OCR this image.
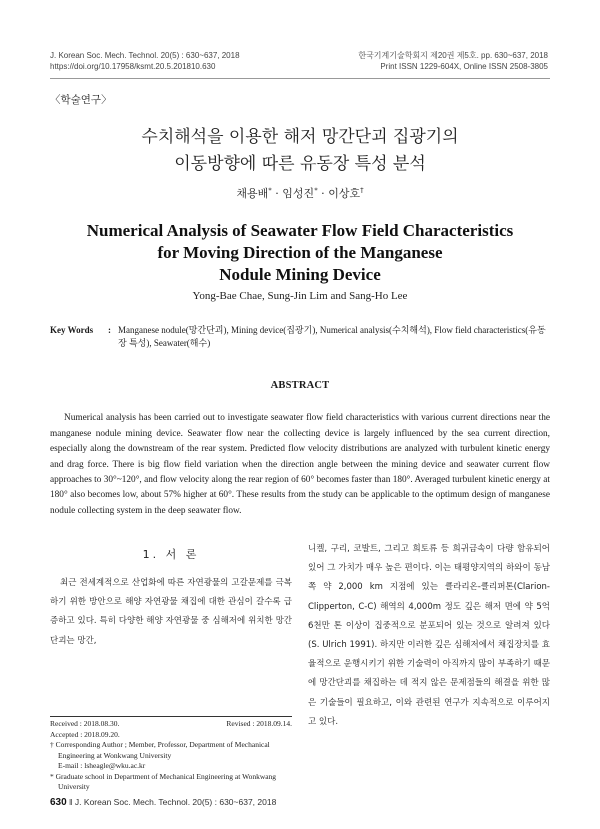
J. Korean Soc. Mech. Technol. 20(5) : 630~637, 2018
https://doi.org/10.17958/ksmt.20.5.201810.630
한국기계기술학회지 제20권 제5호. pp. 630~637, 2018
Print ISSN 1229-604X, Online ISSN 2508-3805
〈학술연구〉
수치해석을 이용한 해저 망간단괴 집광기의
이동방향에 따른 유동장 특성 분석
채용배* · 임성진* · 이상호†
Numerical Analysis of Seawater Flow Field Characteristics
for Moving Direction of the Manganese
Nodule Mining Device
Yong-Bae Chae, Sung-Jin Lim and Sang-Ho Lee
Key Words	: Manganese nodule(망간단괴), Mining device(집광기), Numerical analysis(수치해석), Flow field characteristics(유동장 특성), Seawater(해수)
ABSTRACT

Numerical analysis has been carried out to investigate seawater flow field characteristics with various current directions near the manganese nodule mining device. Seawater flow near the collecting device is largely influenced by the sea current direction, especially along the downstream of the rear system. Predicted flow velocity distributions are analyzed with turbulent kinetic energy and drag force. There is big flow field variation when the direction angle between the mining device and seawater current flow approaches to 30°~120°, and flow velocity along the rear region of 60° becomes faster than 180°. Averaged turbulent kinetic energy at 180° also becomes low, about 57% higher at 60°. These results from the study can be applicable to the optimum design of manganese nodule collecting system in the deep seawater flow.

1. 서 론

최근 전세계적으로 산업화에 따른 자연광물의 고갈문제를 극복하기 위한 방안으로 해양 자연광물 채집에 대한 관심이 갈수록 급증하고 있다. 특히 다양한 해양 자연광물 중 심해저에 위치한 망간단괴는 망간,

니켈, 구리, 코발트, 그리고 희토류 등 희귀금속이 다량 함유되어 있어 그 가치가 매우 높은 편이다. 이는 태평양지역의 하와이 동남쪽 약 2,000 km 지점에 있는 클라리온-클리퍼톤(Clarion-Clipperton, C-C) 해역의 4,000m 정도 깊은 해저 면에 약 5억 6천만 톤 이상이 집중적으로 분포되어 있는 것으로 알려져 있다(S. Ulrich 1991). 하지만 이러한 깊은 심해저에서 채집장치를 효율적으로 운행시키기 위한 기술력이 아직까지 많이 부족하기 때문에 망간단괴를 채집하는 데 적지 않은 문제점들의 해결을 위한 많은 기술들이 필요하고, 이와 관련된 연구가 지속적으로 이루어지고 있다.

Received : 2018.08.30.	Revised : 2018.09.14.
Accepted : 2018.09.20.
† Corresponding Author ; Member, Professor, Department of Mechanical Engineering at Wonkwang University
E-mail : lsheagle@wku.ac.kr
* Graduate school in Department of Mechanical Engineering at Wonkwang University
630 ‖ J. Korean Soc. Mech. Technol. 20(5) : 630~637, 2018
